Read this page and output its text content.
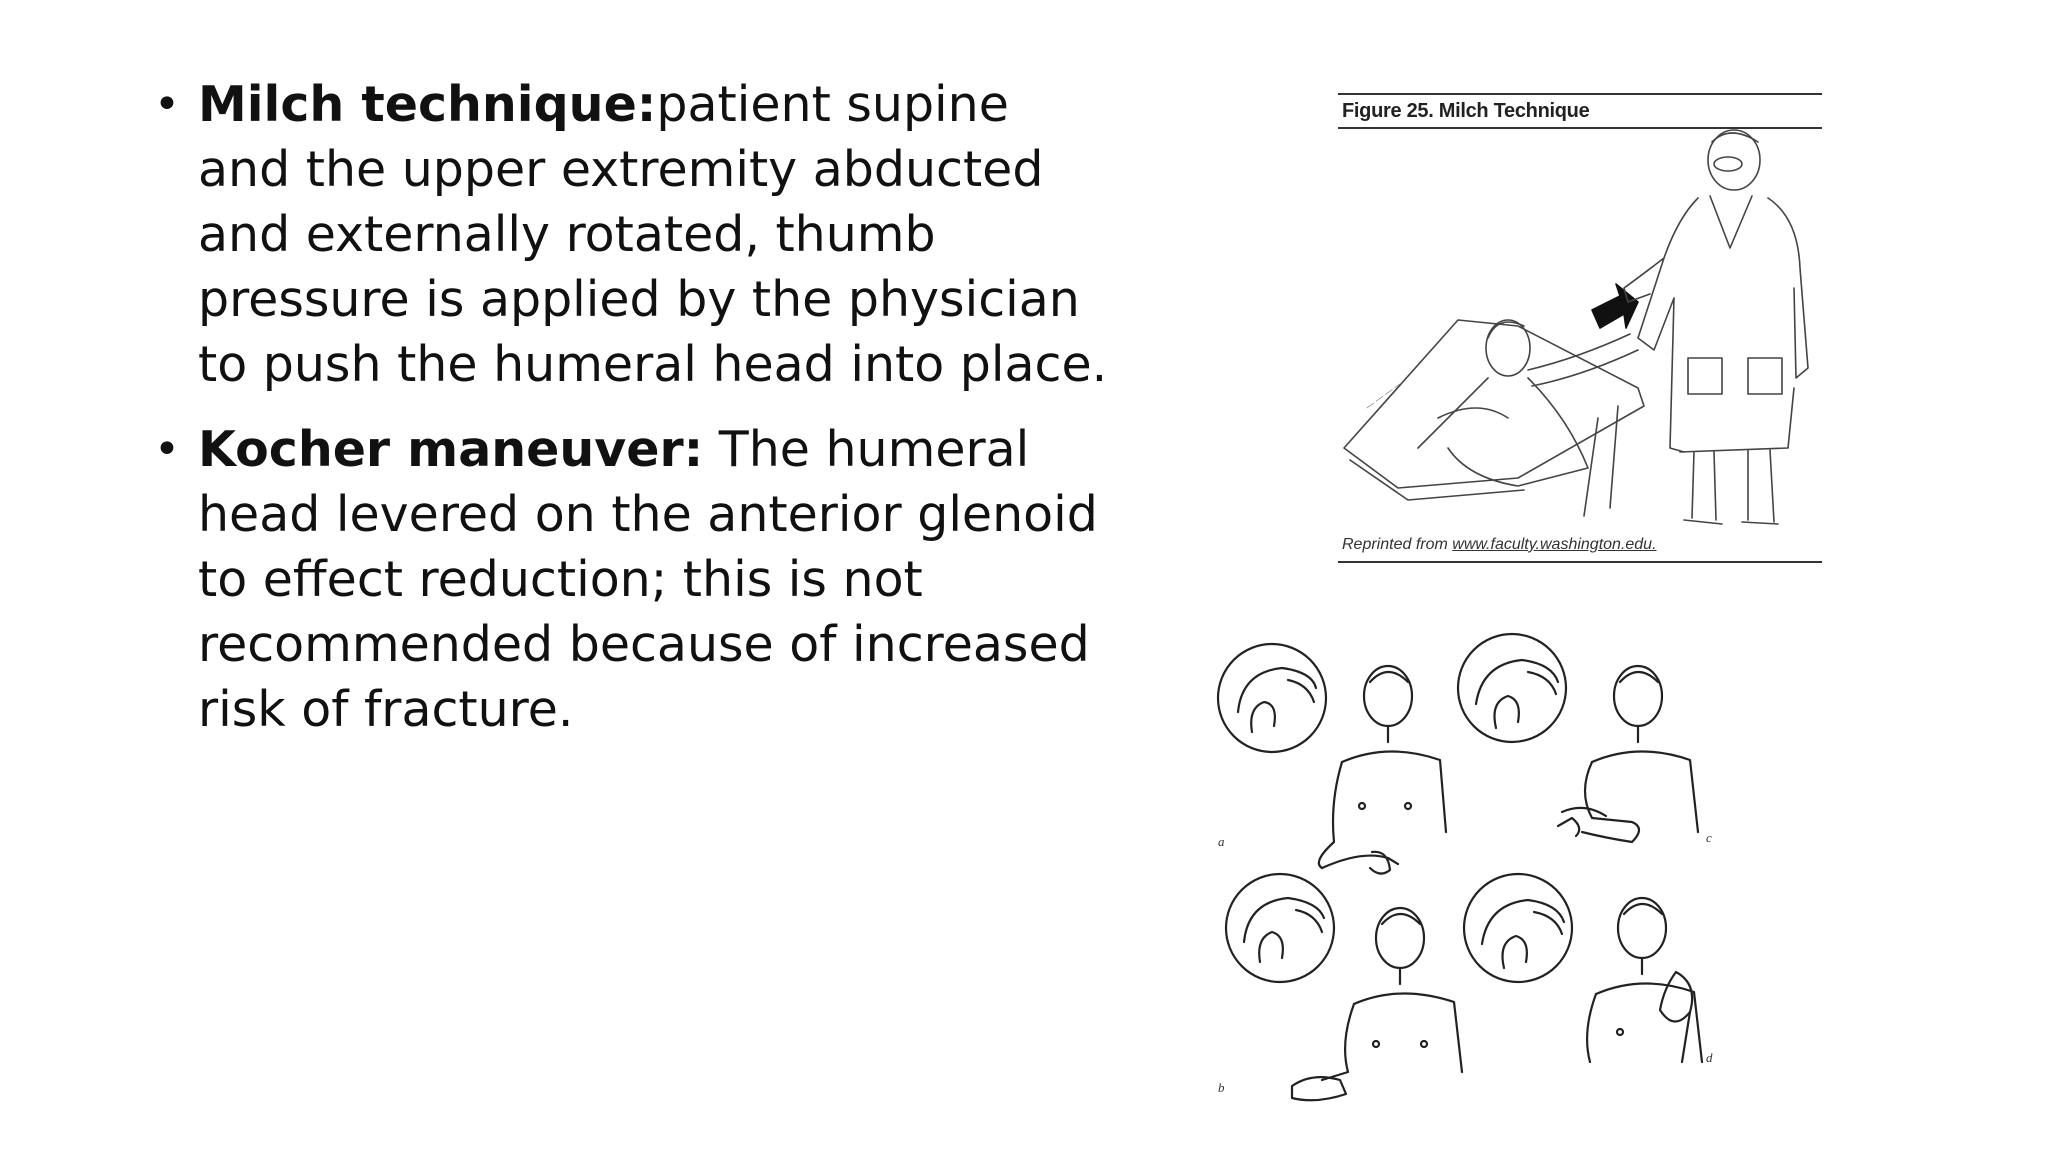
• Milch technique:patient supine and the upper extremity abducted and externally rotated, thumb pressure is applied by the physician to push the humeral head into place.
• Kocher maneuver: The humeral head levered on the anterior glenoid to effect reduction; this is not recommended because of increased risk of fracture.
— — — —
Figure 25. Milch Technique
Reprinted from www.faculty.washington.edu.
a	c
b
d
